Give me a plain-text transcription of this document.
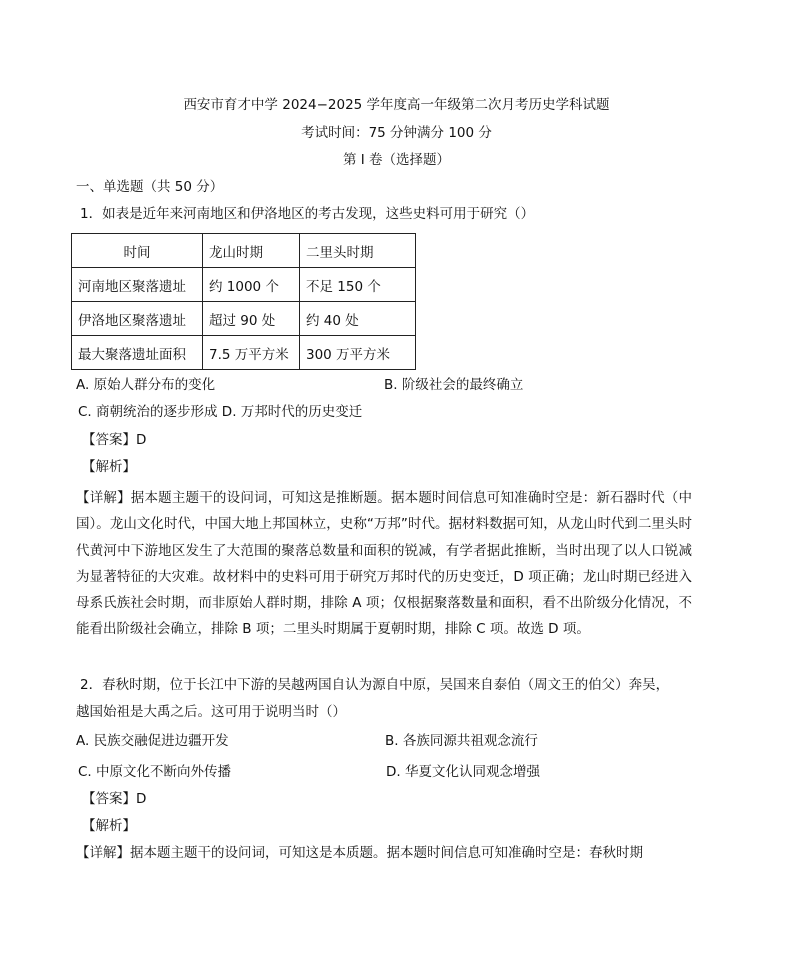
西安市育才中学 2024−2025 学年度高一年级第二次月考历史学科试题
考试时间：75 分钟满分 100 分
第 Ⅰ 卷（选择题）
一、单选题（共 50 分）
1．如表是近年来河南地区和伊洛地区的考古发现，这些史料可用于研究（）
时间	龙山时期	二里头时期
河南地区聚落遗址	约 1000 个	不足 150 个
伊洛地区聚落遗址	超过 90 处	约 40 处
最大聚落遗址面积	7.5 万平方米	300 万平方米
A. 原始人群分布的变化	B. 阶级社会的最终确立
C. 商朝统治的逐步形成 D. 万邦时代的历史变迁
【答案】D
【解析】
【详解】据本题主题干的设问词，可知这是推断题。据本题时间信息可知准确时空是：新石器时代（中国）。龙山文化时代，中国大地上邦国林立，史称“万邦”时代。据材料数据可知，从龙山时代到二里头时代黄河中下游地区发生了大范围的聚落总数量和面积的锐减，有学者据此推断，当时出现了以人口锐减为显著特征的大灾难。故材料中的史料可用于研究万邦时代的历史变迁，D 项正确；龙山时期已经进入母系氏族社会时期，而非原始人群时期，排除 A 项；仅根据聚落数量和面积，看不出阶级分化情况，不能看出阶级社会确立，排除 B 项；二里头时期属于夏朝时期，排除 C 项。故选 D 项。
2．春秋时期，位于长江中下游的吴越两国自认为源自中原，吴国来自泰伯（周文王的伯父）奔吴，
越国始祖是大禹之后。这可用于说明当时（）
A. 民族交融促进边疆开发	B. 各族同源共祖观念流行
C. 中原文化不断向外传播	D. 华夏文化认同观念增强
【答案】D
【解析】
【详解】据本题主题干的设问词，可知这是本质题。据本题时间信息可知准确时空是：春秋时期
